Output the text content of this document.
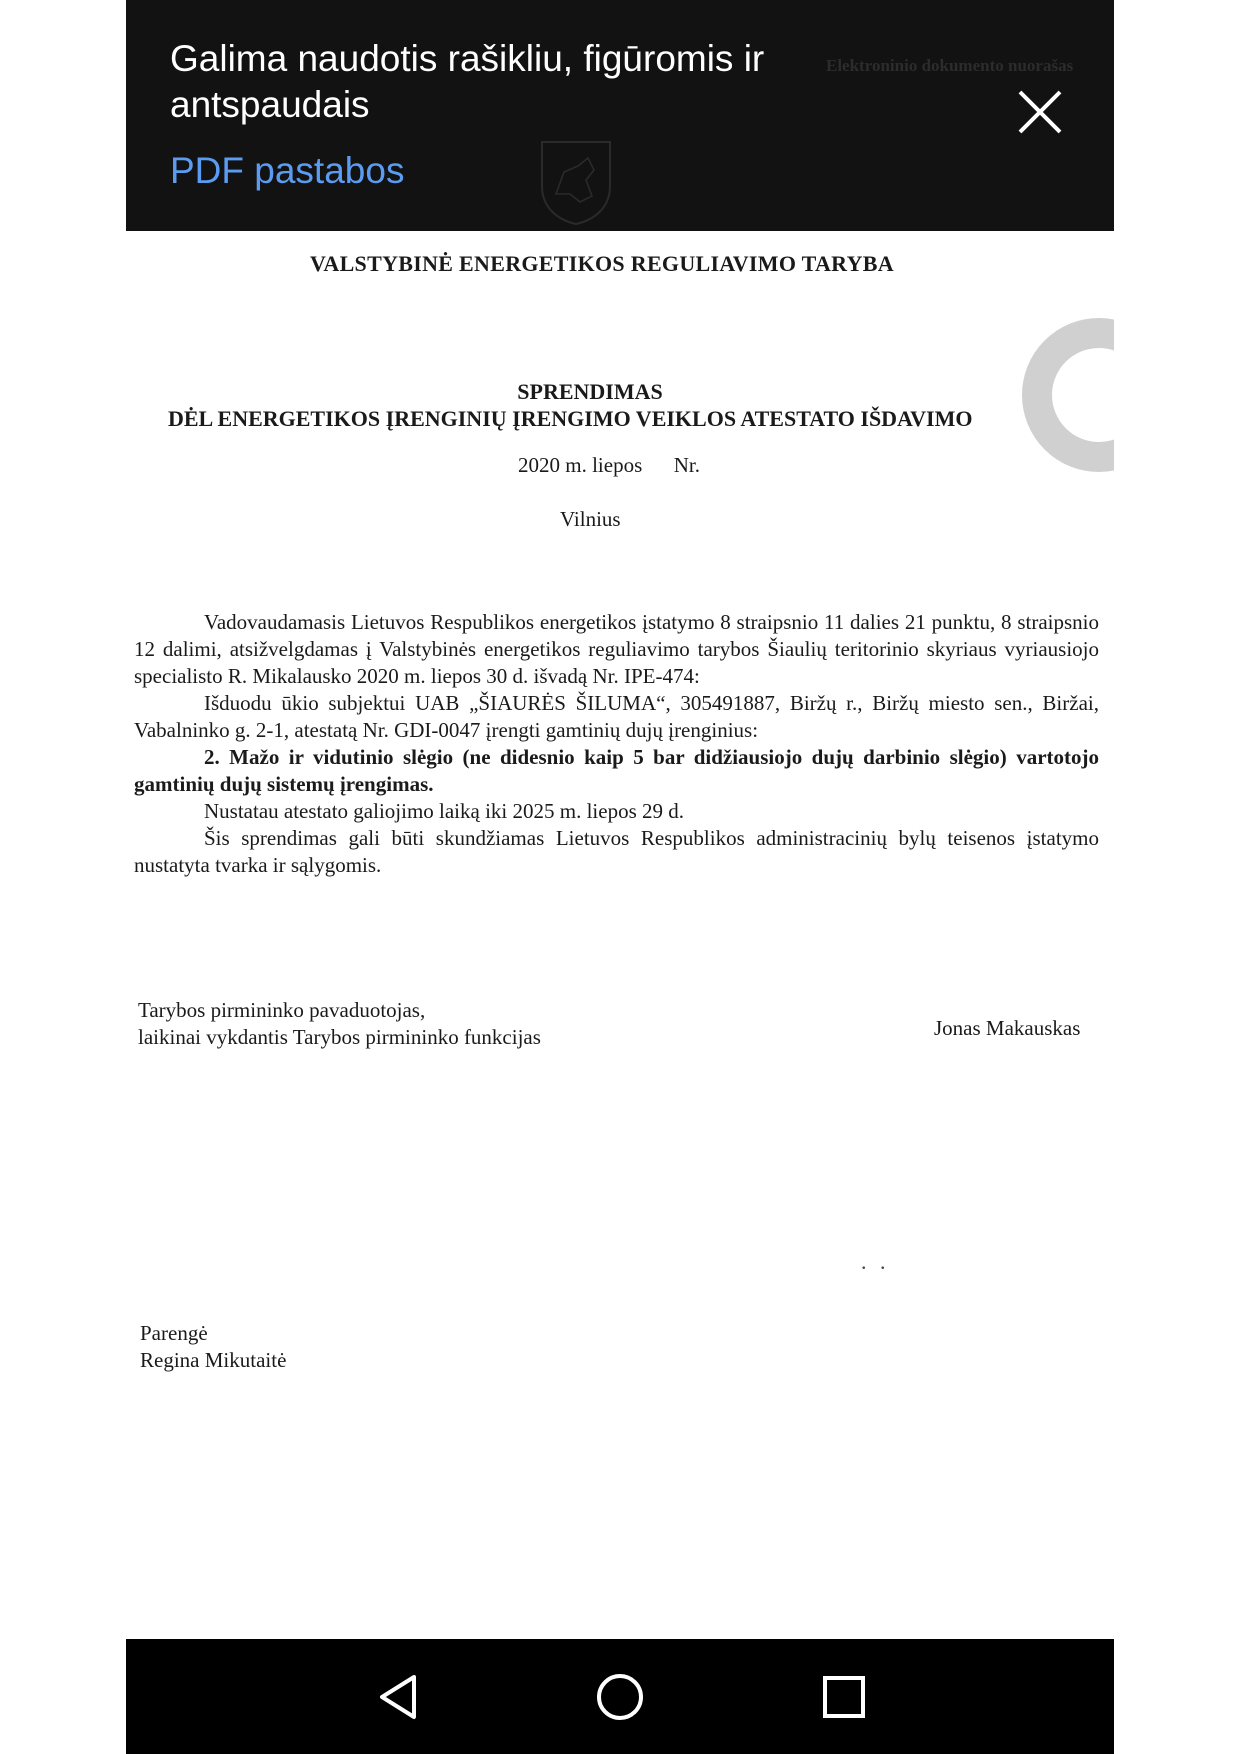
Elektroninio dokumento nuorašas
Galima naudotis rašikliu, figūromis ir antspaudais
PDF pastabos
VALSTYBINĖ ENERGETIKOS REGULIAVIMO TARYBA
SPRENDIMAS
DĖL ENERGETIKOS ĮRENGINIŲ ĮRENGIMO VEIKLOS ATESTATO IŠDAVIMO
2020 m. liepos      Nr.
Vilnius

Vadovaudamasis Lietuvos Respublikos energetikos įstatymo 8 straipsnio 11 dalies 21 punktu, 8 straipsnio 12 dalimi, atsižvelgdamas į Valstybinės energetikos reguliavimo tarybos Šiaulių teritorinio skyriaus vyriausiojo specialisto R. Mikalausko 2020 m. liepos 30 d. išvadą Nr. IPE-474:

Išduodu ūkio subjektui UAB „ŠIAURĖS ŠILUMA“, 305491887, Biržų r., Biržų miesto sen., Biržai, Vabalninko g. 2-1, atestatą Nr. GDI-0047 įrengti gamtinių dujų įrenginius:

2. Mažo ir vidutinio slėgio (ne didesnio kaip 5 bar didžiausiojo dujų darbinio slėgio) vartotojo gamtinių dujų sistemų įrengimas.

Nustatau atestato galiojimo laiką iki 2025 m. liepos 29 d.

Šis sprendimas gali būti skundžiamas Lietuvos Respublikos administracinių bylų teisenos įstatymo nustatyta tvarka ir sąlygomis.

Tarybos pirmininko pavaduotojas,
laikinai vykdantis Tarybos pirmininko funkcijas	Jonas Makauskas
. .
Parengė
Regina Mikutaitė
